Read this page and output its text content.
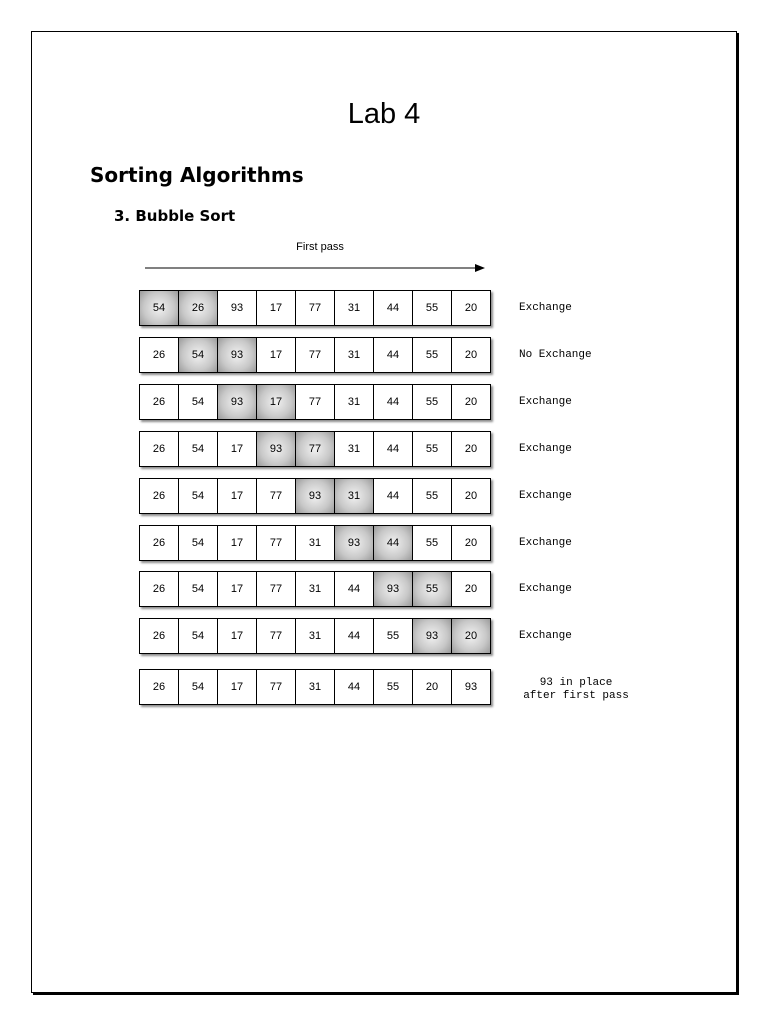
Lab 4
Sorting Algorithms
3. Bubble Sort
First pass
54	26	93	17	77	31	44	55	20	Exchange
26	54	93	17	77	31	44	55	20	No Exchange
26	54	93	17	77	31	44	55	20	Exchange
26	54	17	93	77	31	44	55	20	Exchange
26	54	17	77	93	31	44	55	20	Exchange
26	54	17	77	31	93	44	55	20	Exchange
26	54	17	77	31	44	93	55	20	Exchange
26	54	17	77	31	44	55	93	20	Exchange
26	54	17	77	31	44	55	20	93	93 in place
after first pass
